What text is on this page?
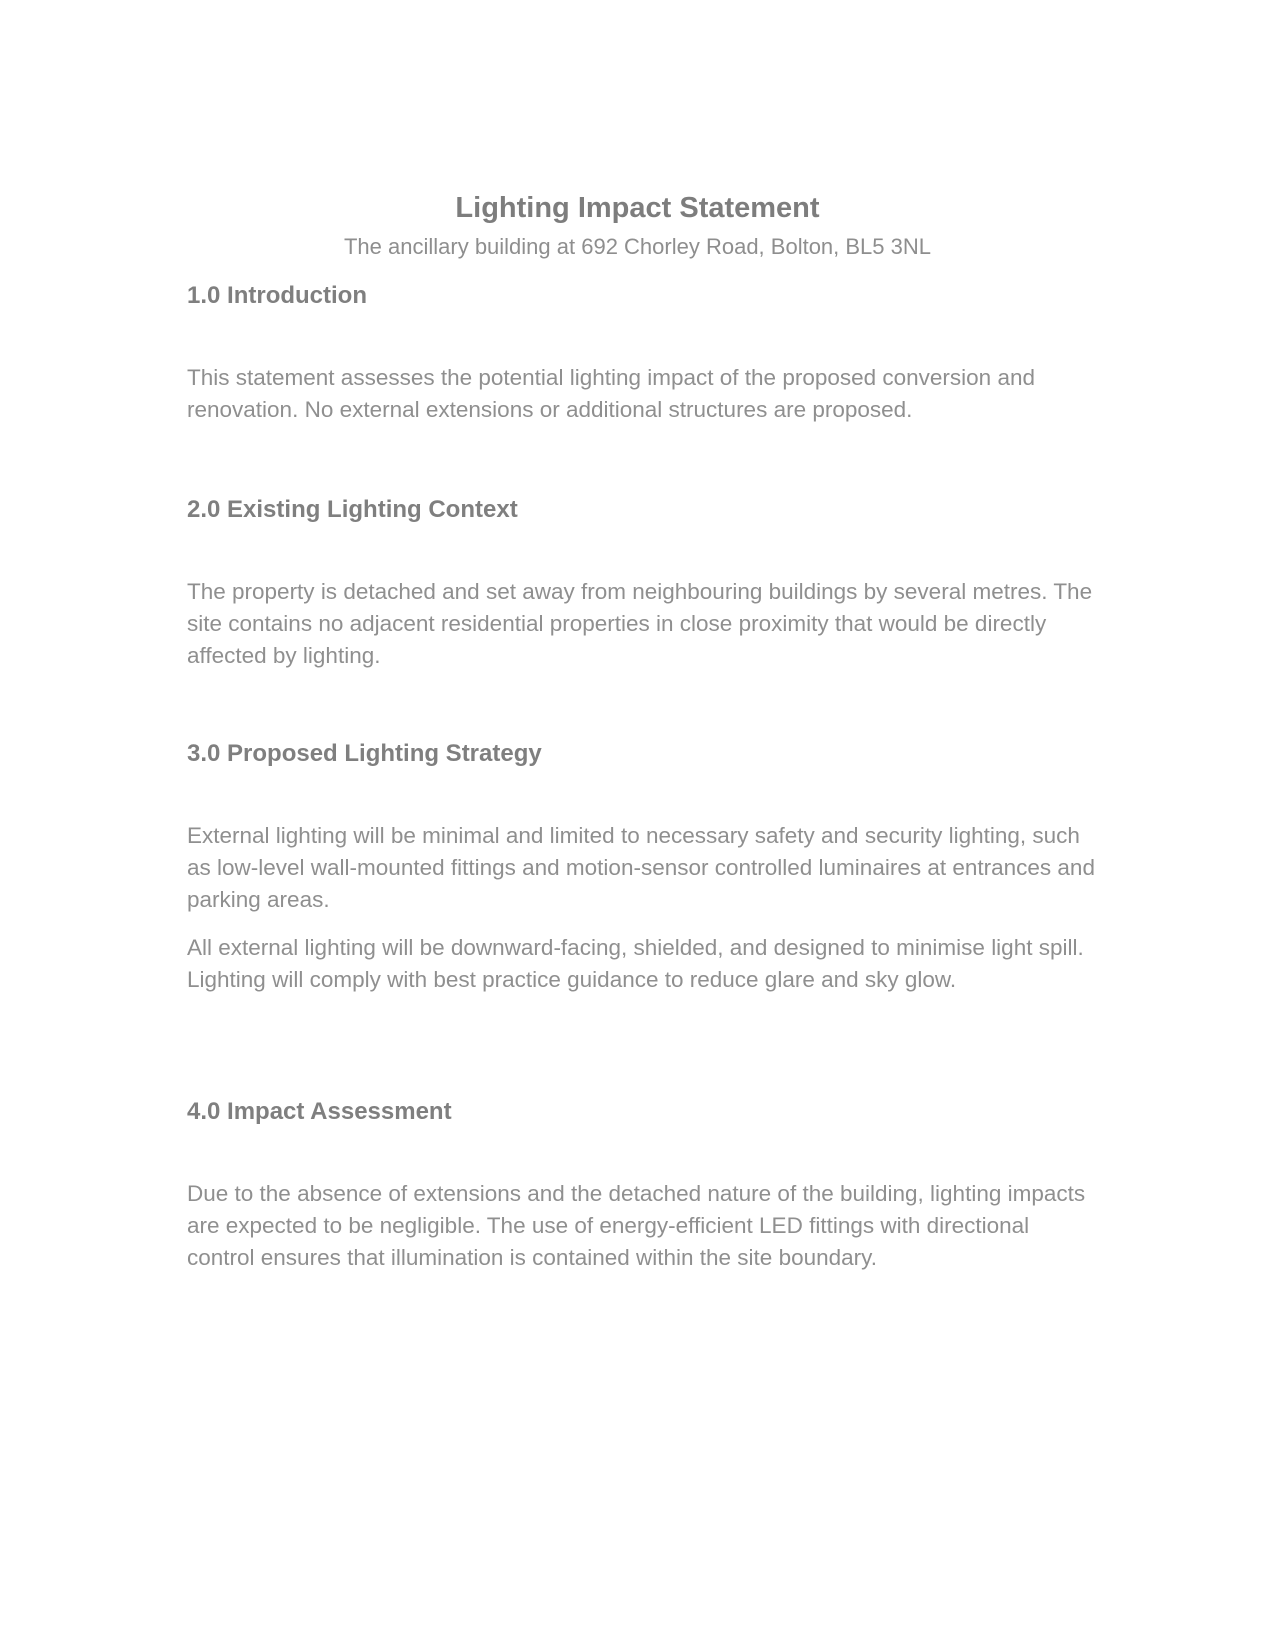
Lighting Impact Statement

The ancillary building at 692 Chorley Road, Bolton, BL5 3NL

1.0 Introduction

This statement assesses the potential lighting impact of the proposed conversion and renovation. No external extensions or additional structures are proposed.

2.0 Existing Lighting Context

The property is detached and set away from neighbouring buildings by several metres. The site contains no adjacent residential properties in close proximity that would be directly affected by lighting.

3.0 Proposed Lighting Strategy

External lighting will be minimal and limited to necessary safety and security lighting, such as low-level wall-mounted fittings and motion-sensor controlled luminaires at entrances and parking areas.

All external lighting will be downward-facing, shielded, and designed to minimise light spill. Lighting will comply with best practice guidance to reduce glare and sky glow.

4.0 Impact Assessment

Due to the absence of extensions and the detached nature of the building, lighting impacts are expected to be negligible. The use of energy-efficient LED fittings with directional control ensures that illumination is contained within the site boundary.
